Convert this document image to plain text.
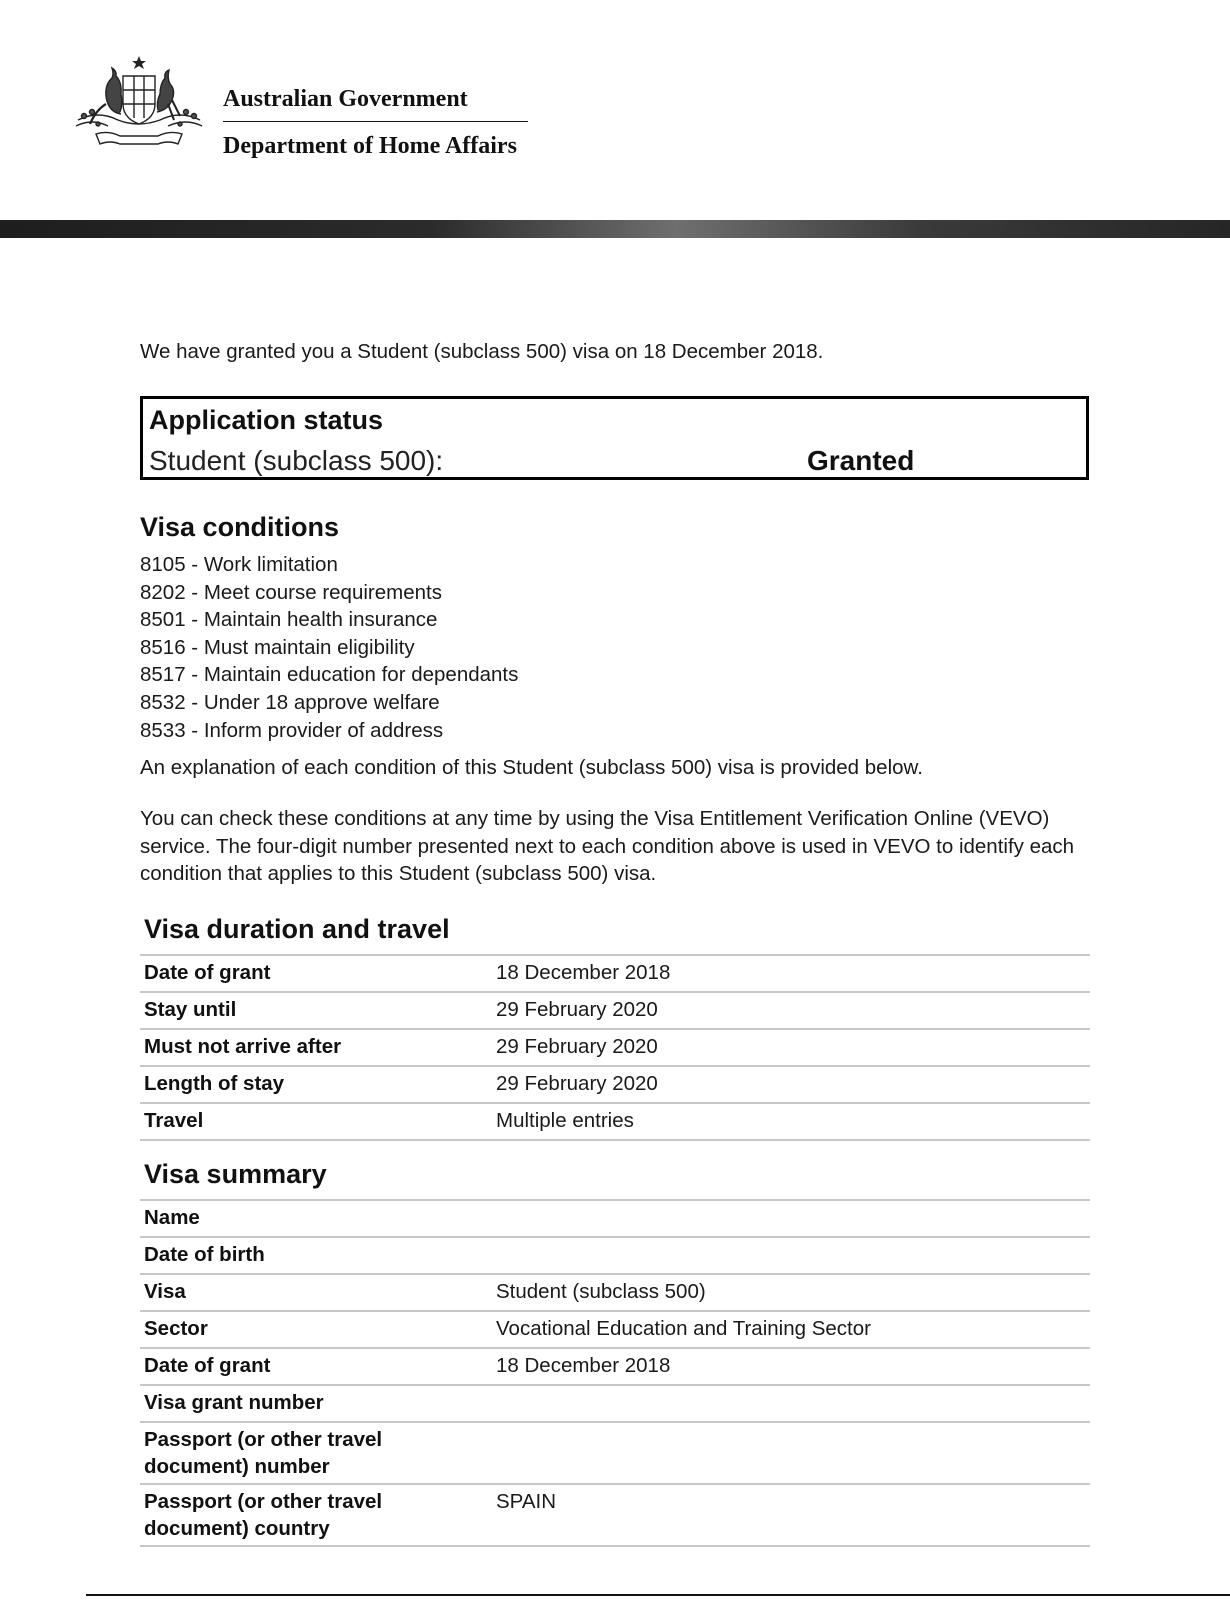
Australian Government
Department of Home Affairs

We have granted you a Student (subclass 500) visa on 18 December 2018.

Application status
Student (subclass 500):	Granted
Visa conditions
8105 - Work limitation
8202 - Meet course requirements
8501 - Maintain health insurance
8516 - Must maintain eligibility
8517 - Maintain education for dependants
8532 - Under 18 approve welfare
8533 - Inform provider of address

An explanation of each condition of this Student (subclass 500) visa is provided below.

You can check these conditions at any time by using the Visa Entitlement Verification Online (VEVO) service. The four-digit number presented next to each condition above is used in VEVO to identify each condition that applies to this Student (subclass 500) visa.

Visa duration and travel
Date of grant	18 December 2018
Stay until	29 February 2020
Must not arrive after	29 February 2020
Length of stay	29 February 2020
Travel	Multiple entries
Visa summary
Name	
Date of birth	
Visa	Student (subclass 500)
Sector	Vocational Education and Training Sector
Date of grant	18 December 2018
Visa grant number	
Passport (or other travel document) number	
Passport (or other travel document) country	SPAIN
